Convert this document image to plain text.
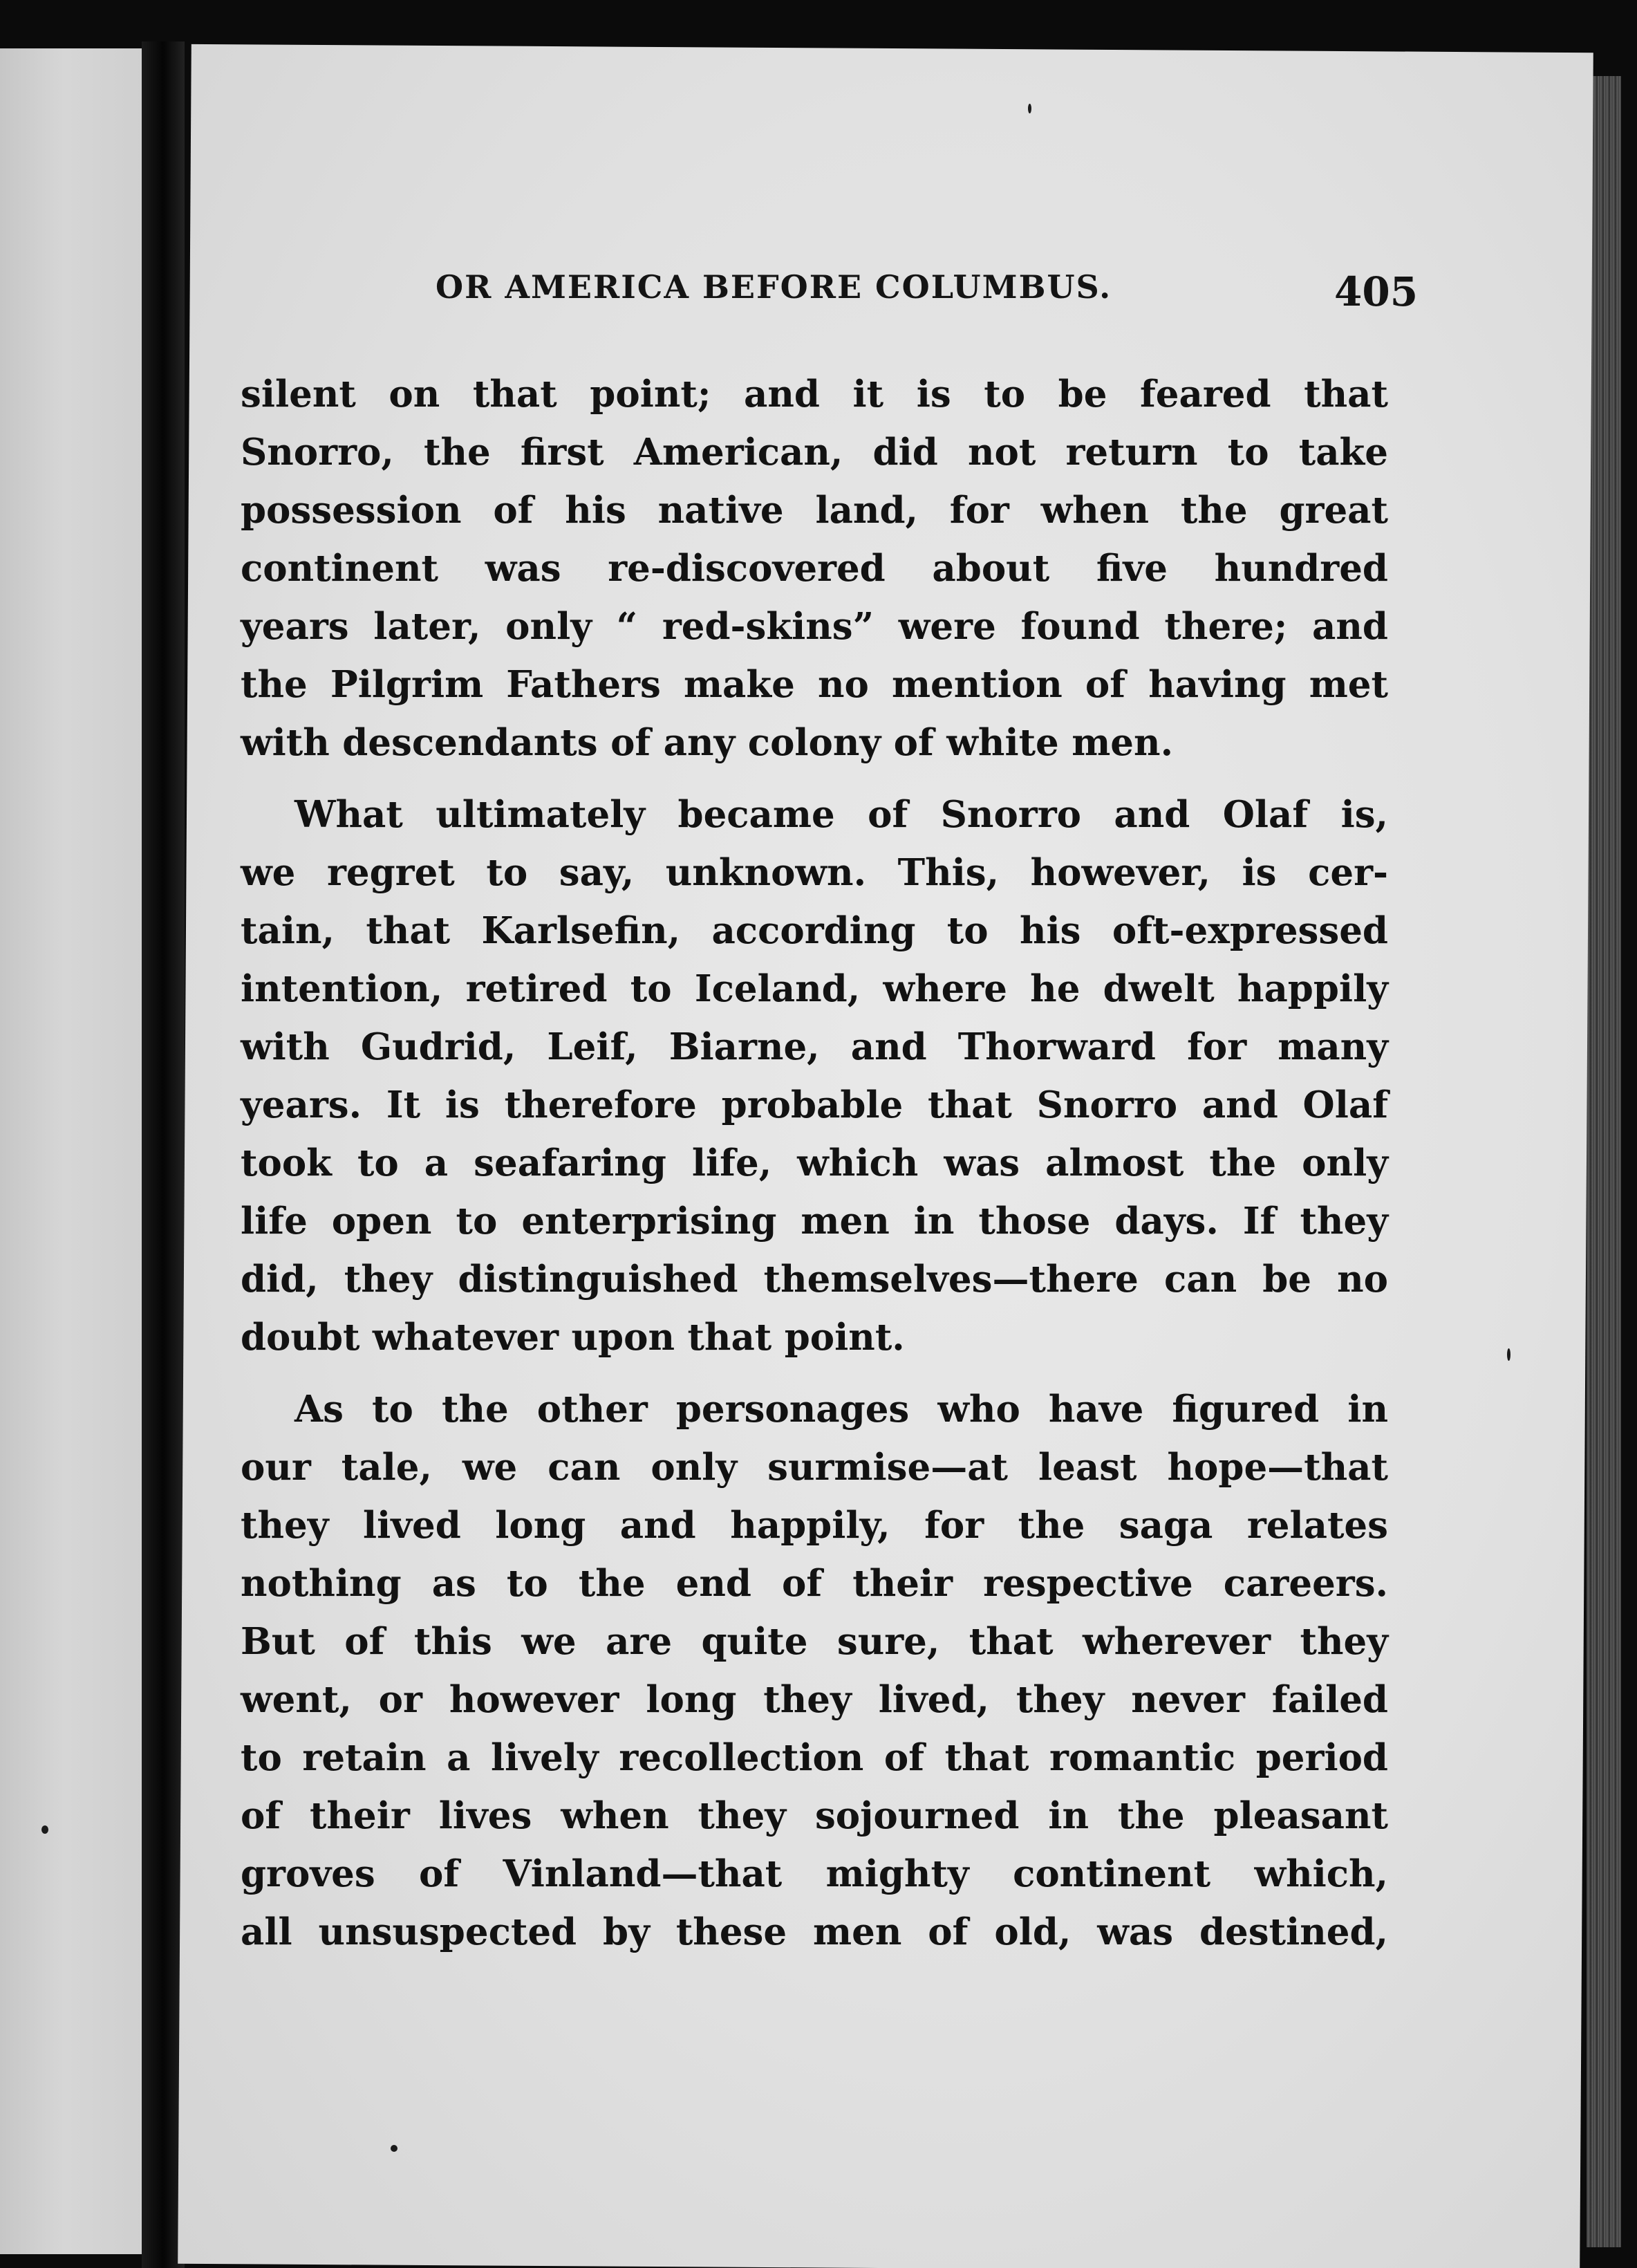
OR AMERICA BEFORE COLUMBUS.	405

silent on that point; and it is to be feared that

Snorro, the first American, did not return to take

possession of his native land, for when the great

continent was re-discovered about five hundred

years later, only “ red-skins” were found there; and

the Pilgrim Fathers make no mention of having met

with descendants of any colony of white men.

What ultimately became of Snorro and Olaf is,

we regret to say, unknown. This, however, is cer-

tain, that Karlsefin, according to his oft-expressed

intention, retired to Iceland, where he dwelt happily

with Gudrid, Leif, Biarne, and Thorward for many

years. It is therefore probable that Snorro and Olaf

took to a seafaring life, which was almost the only

life open to enterprising men in those days. If they

did, they distinguished themselves—there can be no

doubt whatever upon that point.

As to the other personages who have figured in

our tale, we can only surmise—at least hope—that

they lived long and happily, for the saga relates

nothing as to the end of their respective careers.

But of this we are quite sure, that wherever they

went, or however long they lived, they never failed

to retain a lively recollection of that romantic period

of their lives when they sojourned in the pleasant

groves of Vinland—that mighty continent which,

all unsuspected by these men of old, was destined,
